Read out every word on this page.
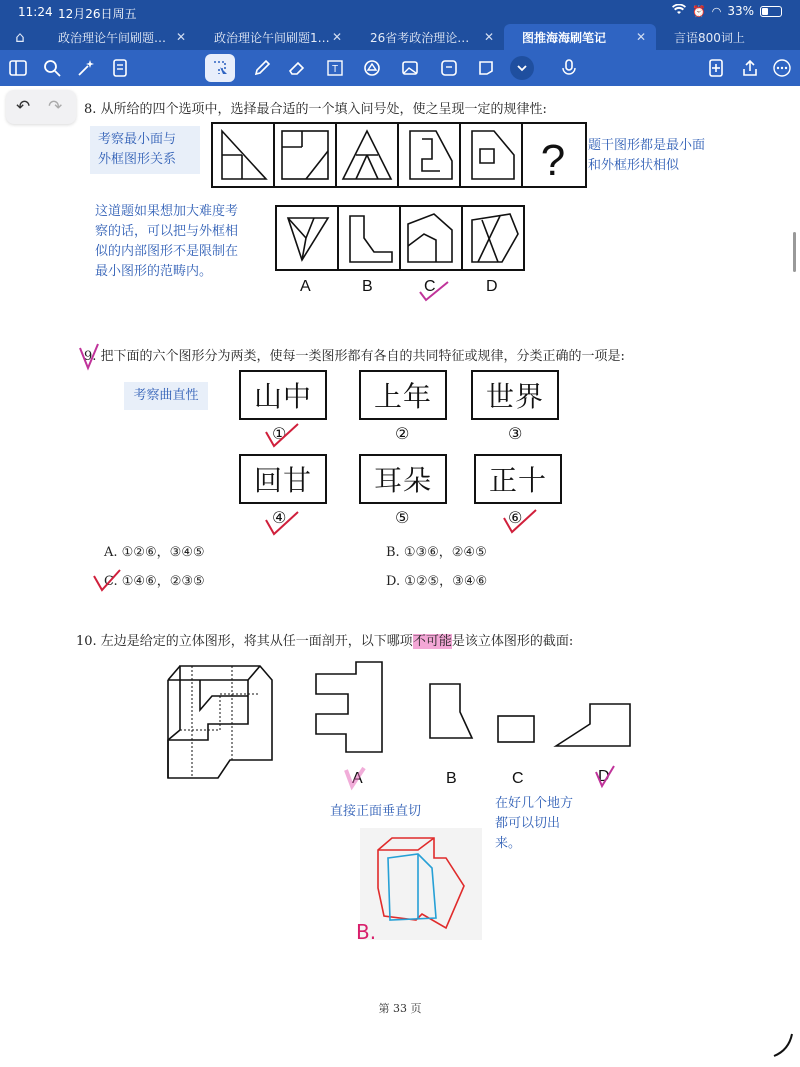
11:24 12月26日周五	⏰ ◠ 33%
⌂	政治理论午间刷题… ✕ 政治理论午间刷题1… ✕ 26省考政治理论… ✕ 图推海海刷笔记 ✕ 言语800词上
T
↶ ↷ 8. 从所给的四个选项中，选择最合适的一个填入问号处，使之呈现一定的规律性:
考察最小面与
外框图形关系
题干图形都是最小面
和外框形状相似
这道题如果想加大难度考
察的话，可以把与外框相
似的内部图形不是限制在
最小图形的范畴内。
?
A	B	C	D
9. 把下面的六个图形分为两类，使每一类图形都有各自的共同特征或规律，分类正确的一项是:
考察曲直性	山中	上年	世界
①	②	③
回甘	耳朵	正十
④	⑤	⑥
A. ①②⑥，③④⑤	B. ①③⑥，②④⑤
C. ①④⑥，②③⑤	D. ①②⑤，③④⑥
10. 左边是给定的立体图形，将其从任一面剖开，以下哪项不可能是该立体图形的截面:
A	B	C	D
直接正面垂直切
在好几个地方
都可以切出
来。
B.
第 33 页
